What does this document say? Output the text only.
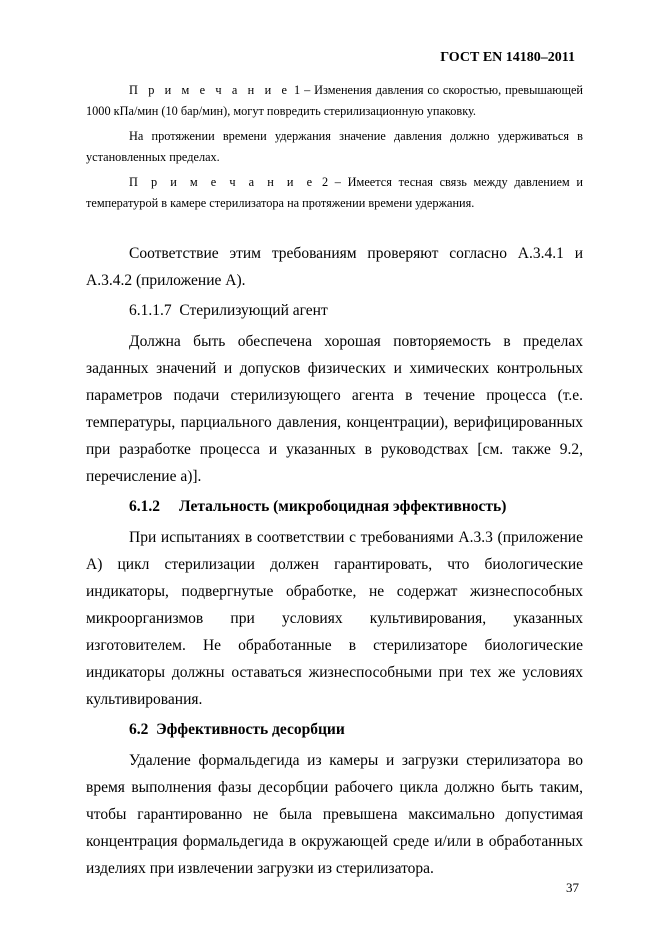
ГОСТ EN 14180–2011

П р и м е ч а н и е 1 – Изменения давления со скоростью, превышающей 1000 кПа/мин (10 бар/мин), могут повредить стерилизационную упаковку.

На протяжении времени удержания значение давления должно удерживаться в установленных пределах.

П р и м е ч а н и е 2 – Имеется тесная связь между давлением и температурой в камере стерилизатора на протяжении времени удержания.

Соответствие этим требованиям проверяют согласно А.3.4.1 и А.3.4.2 (приложение А).

6.1.1.7 Стерилизующий агент

Должна быть обеспечена хорошая повторяемость в пределах заданных значений и допусков физических и химических контрольных параметров подачи стерилизующего агента в течение процесса (т.е. температуры, парциального давления, концентрации), верифицированных при разработке процесса и указанных в руководствах [см. также 9.2, перечисление а)].

6.1.2 Летальность (микробоцидная эффективность)

При испытаниях в соответствии с требованиями А.3.3 (приложение А) цикл стерилизации должен гарантировать, что биологические индикаторы, подвергнутые обработке, не содержат жизнеспособных микроорганизмов при условиях культивирования, указанных изготовителем. Не обработанные в стерилизаторе биологические индикаторы должны оставаться жизнеспособными при тех же условиях культивирования.

6.2 Эффективность десорбции

Удаление формальдегида из камеры и загрузки стерилизатора во время выполнения фазы десорбции рабочего цикла должно быть таким, чтобы гарантированно не была превышена максимально допустимая концентрация формальдегида в окружающей среде и/или в обработанных изделиях при извлечении загрузки из стерилизатора.

37
